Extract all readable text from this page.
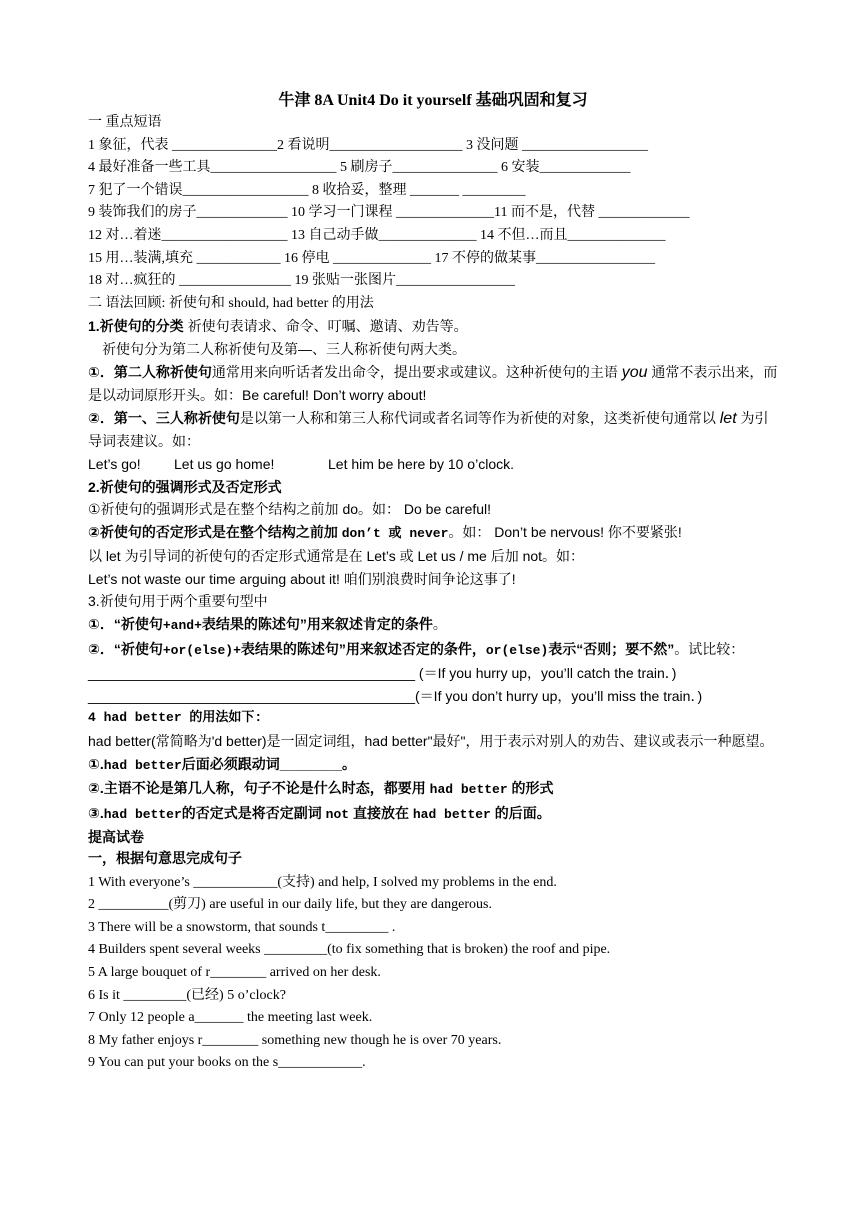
牛津 8A Unit4 Do it yourself 基础巩固和复习
一 重点短语
1 象征，代表 _______________2 看说明___________________ 3 没问题 __________________
4 最好准备一些工具__________________ 5 刷房子_______________ 6 安装_____________
7 犯了一个错误__________________ 8 收拾妥，整理 _______ _________
9 装饰我们的房子_____________ 10 学习一门课程 ______________11 而不是，代替 _____________
12 对…着迷__________________ 13 自己动手做______________ 14 不但…而且______________
15 用…装满,填充 ____________ 16 停电 ______________ 17 不停的做某事_________________
18 对…疯狂的 ________________ 19 张贴一张图片_________________
二 语法回顾: 祈使句和 should, had better 的用法
1.祈使句的分类 祈使句表请求、命令、叮嘱、邀请、劝告等。
祈使句分为第二人称祈使句及第—、三人称祈使句两大类。
①．第二人称祈使句通常用来向听话者发出命令，提出要求或建议。这种祈使句的主语 you 通常不表示出来，而是以动词原形开头。如：Be careful! Don’t worry about!
②．第一、三人称祈使句是以第一人称和第三人称代词或者名词等作为祈使的对象，这类祈使句通常以 let 为引导词表建议。如：
Let’s go! Let us go home!	Let him be here by 10 o’clock.
2.祈使句的强调形式及否定形式
①祈使句的强调形式是在整个结构之前加 do。如： Do be careful!
②祈使句的否定形式是在整个结构之前加 don’t 或 never。如： Don’t be nervous! 你不要紧张!
以 let 为引导词的祈使句的否定形式通常是在 Let’s 或 Let us / me 后加 not。如：
Let’s not waste our time arguing about it! 咱们别浪费时间争论这事了!
3.祈使句用于两个重要句型中
①．“祈使句+and+表结果的陈述句”用来叙述肯定的条件。
②．“祈使句+or(else)+表结果的陈述句”用来叙述否定的条件，or(else)表示“否则；要不然”。试比较：
__________________________________________ (＝If you hurry up，you’ll catch the train．)
__________________________________________(＝If you don’t hurry up，you’ll miss the train．)
4 had better 的用法如下:
had better(常简略为'd better)是一固定词组，had better"最好"，用于表示对别人的劝告、建议或表示一种愿望。
①.had better后面必须跟动词________。
②.主语不论是第几人称，句子不论是什么时态，都要用 had better 的形式
③.had better的否定式是将否定副词 not 直接放在 had better 的后面。
提高试卷
一，根据句意思完成句子
1 With everyone’s ____________(支持) and help, I solved my problems in the end.
2 __________(剪刀) are useful in our daily life, but they are dangerous.
3 There will be a snowstorm, that sounds t_________ .
4 Builders spent several weeks _________(to fix something that is broken) the roof and pipe.
5 A large bouquet of r________ arrived on her desk.
6 Is it _________(已经) 5 o’clock?
7 Only 12 people a_______ the meeting last week.
8 My father enjoys r________ something new though he is over 70 years.
9 You can put your books on the s____________.
